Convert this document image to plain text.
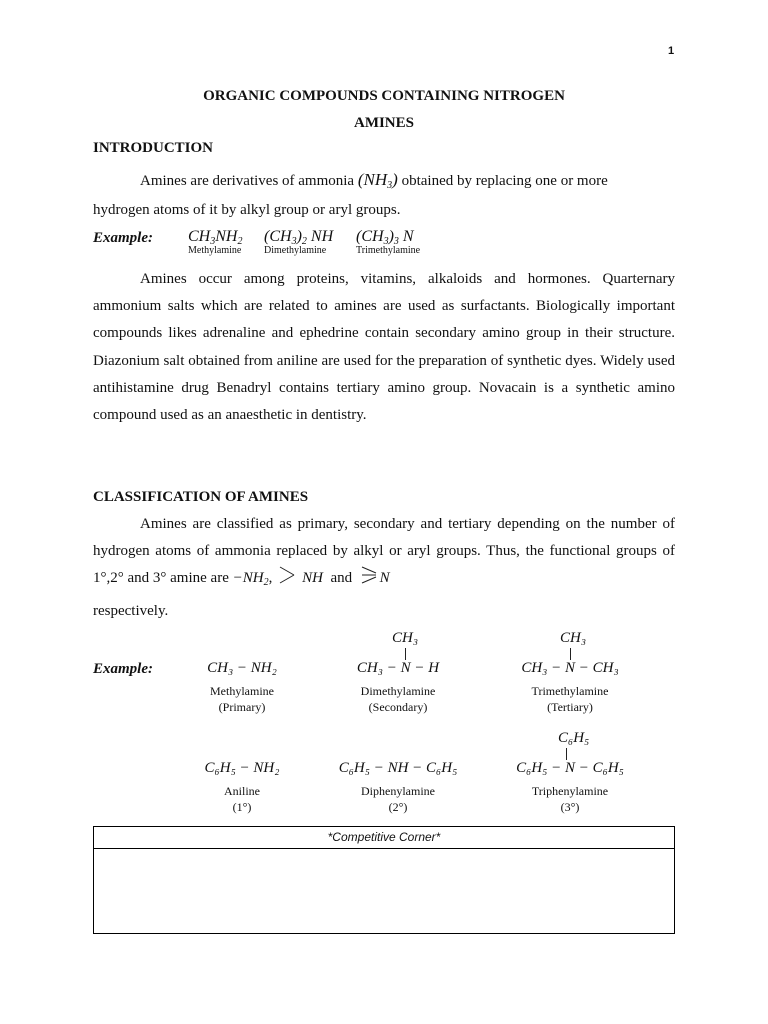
1
ORGANIC COMPOUNDS CONTAINING NITROGEN
AMINES
INTRODUCTION
Amines are derivatives of ammonia $(NH_3)$ obtained by replacing one or more
hydrogen atoms of it by alkyl group or aryl groups.
Example: $CH_3NH_2$
Methylamine
$(CH_3)_2$ NH
Dimethylamine
$(CH_3)_3$ N
Trimethylamine

Amines occur among proteins, vitamins, alkaloids and hormones. Quarternary ammonium salts which are related to amines are used as surfactants. Biologically important compounds likes adrenaline and ephedrine contain secondary amino group in their structure. Diazonium salt obtained from aniline are used for the preparation of synthetic dyes. Widely used antihistamine drug Benadryl contains tertiary amino group. Novacain is a synthetic amino compound used as an anaesthetic in dentistry.

CLASSIFICATION OF AMINES

Amines are classified as primary, secondary and tertiary depending on the number of hydrogen atoms of ammonia replaced by alkyl or aryl groups. Thus, the functional groups of 1°,2° and 3° amine are $-NH_2$,
NH and N

respectively.
Example:	CH₃ − NH₂
Methylamine
(Primary)
CH₃
CH₃ − N − H
Dimethylamine
(Secondary)
CH₃
CH₃ − N − CH₃
Trimethylamine
(Tertiary)
C₆H₅ − NH₂
Aniline
(1°)
C₆H₅ − NH − C₆H₅
Diphenylamine
(2°)
C₆H₅
C₆H₅ − N − C₆H₅
Triphenylamine
(3°)
*Competitive Corner*
